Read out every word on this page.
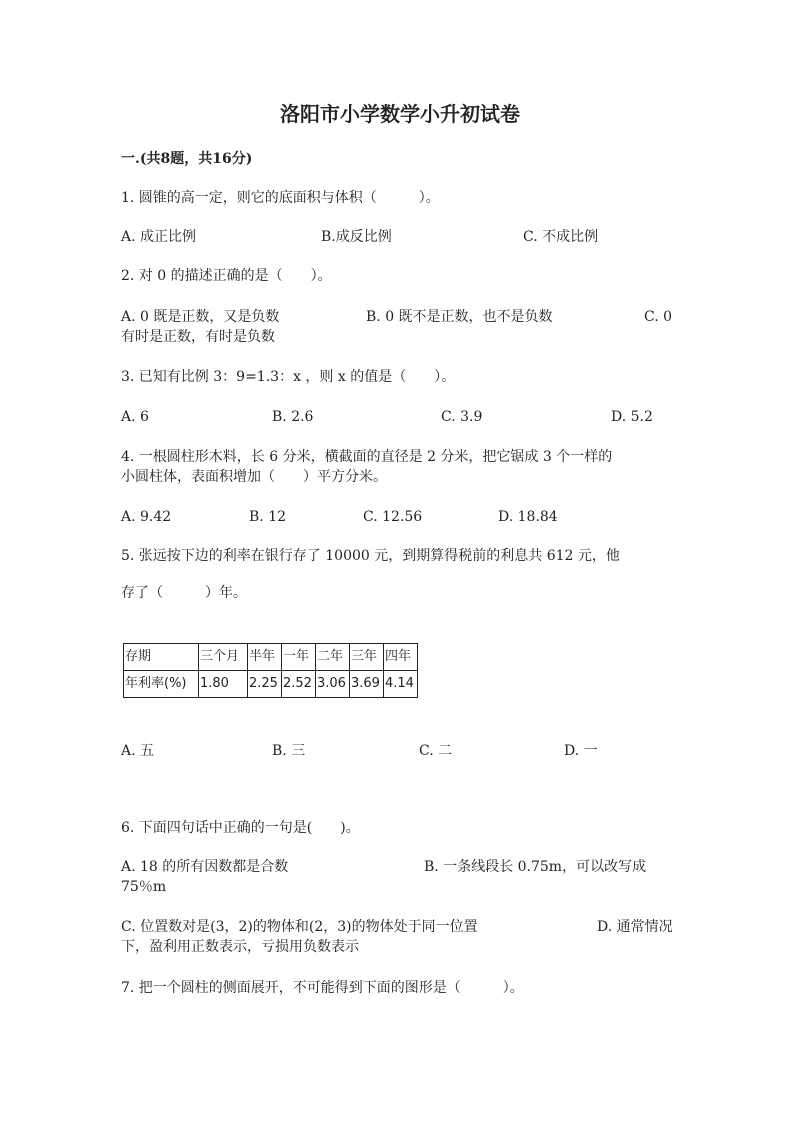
洛阳市小学数学小升初试卷
一.(共8题，共16分)
1. 圆锥的高一定，则它的底面积与体积（　　　）。
A. 成正比例	B.成反比例	C. 不成比例
2. 对 0 的描述正确的是（　　）。
A. 0 既是正数，又是负数	B. 0 既不是正数，也不是负数	C. 0
有时是正数，有时是负数
3. 已知有比例 3：9=1.3：x ，则 x 的值是（　　）。
A. 6	B. 2.6	C. 3.9	D. 5.2
4. 一根圆柱形木料，长 6 分米，横截面的直径是 2 分米，把它锯成 3 个一样的
小圆柱体，表面积增加（　　）平方分米。
A. 9.42	B. 12	C. 12.56	D. 18.84
5. 张远按下边的利率在银行存了 10000 元，到期算得税前的利息共 612 元，他
存了（　　　）年。
存期	三个月	半年	一年	二年	三年	四年
年利率(%)	1.80	2.25	2.52	3.06	3.69	4.14
A. 五	B. 三	C. 二	D. 一
6. 下面四句话中正确的一句是(　　)。
A. 18 的所有因数都是合数	B. 一条线段长 0.75m，可以改写成
75％m
C. 位置数对是(3，2)的物体和(2，3)的物体处于同一位置	D. 通常情况
下，盈利用正数表示，亏损用负数表示
7. 把一个圆柱的侧面展开，不可能得到下面的图形是（　　　）。
